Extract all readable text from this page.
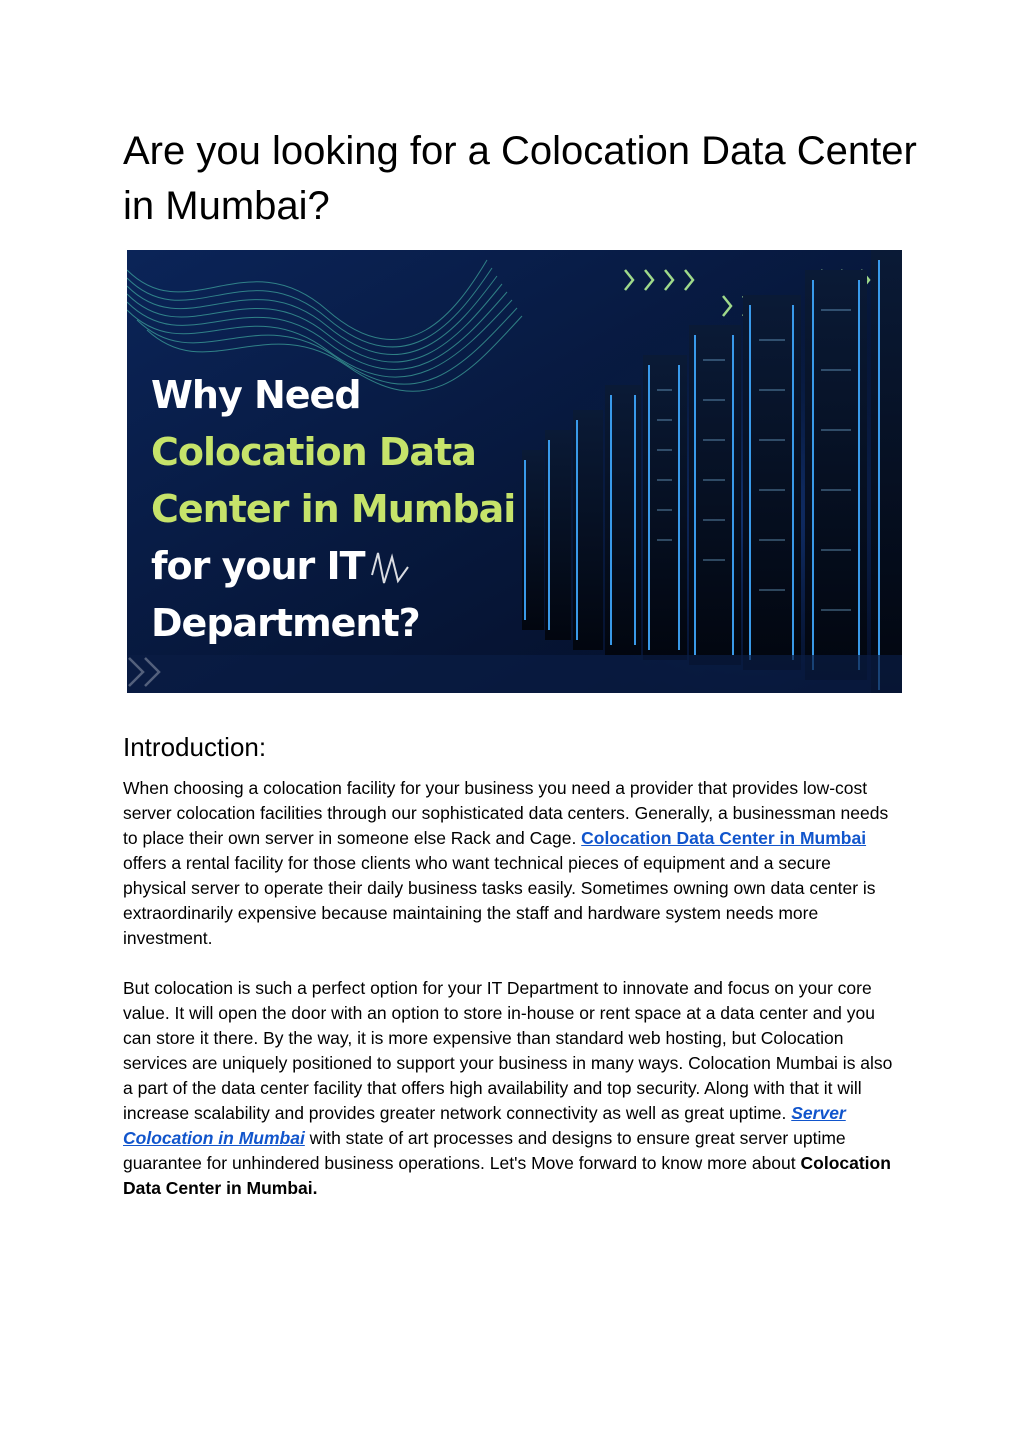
Are you looking for a Colocation Data Center in Mumbai?
Why Need
Colocation Data
Center in Mumbai
for your IT
Department?
Introduction:

When choosing a colocation facility for your business you need a provider that provides low-cost server colocation facilities through our sophisticated data centers. Generally, a businessman needs to place their own server in someone else Rack and Cage. Colocation Data Center in Mumbai offers a rental facility for those clients who want technical pieces of equipment and a secure physical server to operate their daily business tasks easily. Sometimes owning own data center is extraordinarily expensive because maintaining the staff and hardware system needs more investment.

But colocation is such a perfect option for your IT Department to innovate and focus on your core value. It will open the door with an option to store in-house or rent space at a data center and you can store it there. By the way, it is more expensive than standard web hosting, but Colocation services are uniquely positioned to support your business in many ways. Colocation Mumbai is also a part of the data center facility that offers high availability and top security. Along with that it will increase scalability and provides greater network connectivity as well as great uptime. Server Colocation in Mumbai with state of art processes and designs to ensure great server uptime guarantee for unhindered business operations. Let's Move forward to know more about Colocation Data Center in Mumbai.
